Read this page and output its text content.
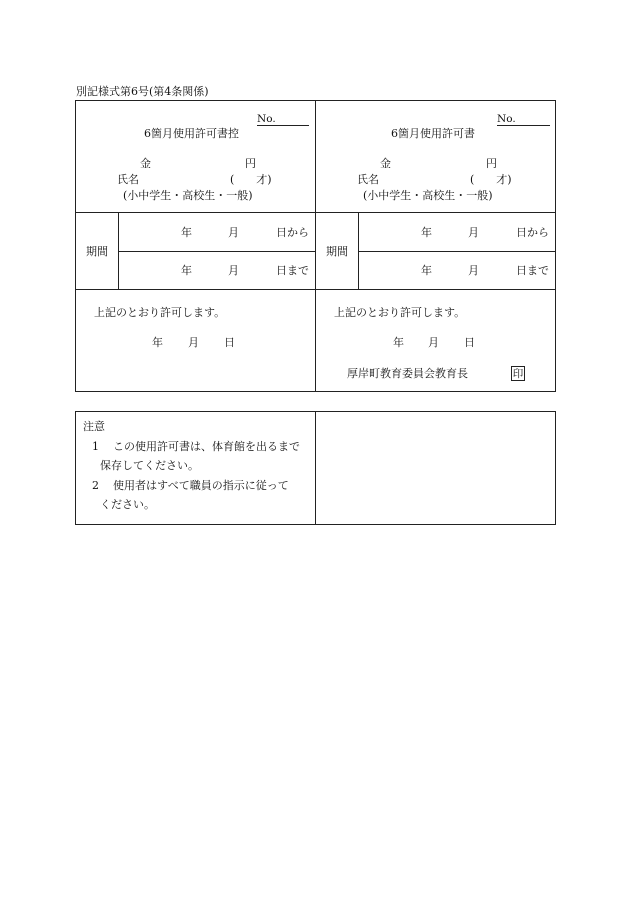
別記様式第6号(第4条関係)
No.
6箇月使用許可書控
金	円
氏名	(　　才)
(小中学生・高校生・一般)
期間
年	月	日から
年	月	日まで
上記のとおり許可します。
年 月 日
No.
6箇月使用許可書
金	円
氏名	(　　才)
(小中学生・高校生・一般)
期間
年	月	日から
年	月	日まで
上記のとおり許可します。
年 月 日
厚岸町教育委員会教育長	印
注意
1 この使用許可書は、体育館を出るまで
保存してください。
2 使用者はすべて職員の指示に従って
ください。
